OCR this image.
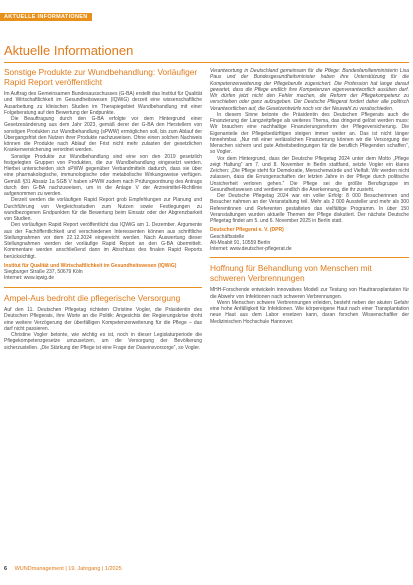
AKTUELLE INFORMATIONEN
Aktuelle Informationen
Sonstige Produkte zur Wundbehandlung: Vorläufiger Rapid Report veröffentlicht

Im Auftrag des Gemeinsamen Bundesausschusses (G-BA) erstellt das Institut für Qualität und Wirtschaftlichkeit im Gesundheitswesen (IQWiG) derzeit eine wissenschaftliche Ausarbeitung zu klinischen Studien im Therapiegebiet Wundbehandlung mit einer Folgeberatung auf den Bewertung der Endpunkte.

Die Beauftragung durch den G-BA erfolgte vor dem Hintergrund einer Gesetzesänderung aus dem Jahr 2023, gemäß derer der G-BA den Herstellern von sonstigen Produkten zur Wundbehandlung (sPWW) ermöglichen soll, bis zum Ablauf der Übergangsfrist den Nutzen ihrer Produkte nachzuweisen. Ohne einen solchen Nachweis können die Produkte nach Ablauf der Frist nicht mehr zulasten der gesetzlichen Krankenversicherung verordnet werden.

Sonstige Produkte zur Wundbehandlung sind eine von den 2019 gesetzlich festgelegten Gruppen von Produkten, die zur Wundbehandlung eingesetzt werden. Hierbei unterscheiden sich sPWW gegenüber Verbandmitteln dadurch, dass sie über eine pharmakologische, immunologische oder metabolische Wirkungsweise verfügen. Gemäß §31 Absatz 1a SGB V haben sPWW zudem nach Prüfungsordnung des Antrags durch den G-BA nachzuweisen, um in die Anlage V der Arzneimittel-Richtlinie aufgenommen zu werden.

Derzeit werden die vorläufigen Rapid Report grob Empfehlungen zur Planung und Durchführung von Vergleichsstudien zum Nutzen sowie Festlegungen zu wundbezogenen Endpunkten für die Bewertung beim Einsatz oder der Abgrenzbarkeit von Studien.

Den vorläufigen Rapid Report veröffentlicht das IQWiG am 1. Dezember. Argumente aus der Fachöffentlichkeit und verschiedenen Interessenten können aus schriftliche Stellungnahmen vor dem 22.12.2024 eingereicht werden. Nach Auswertung dieser Stellungnahmen werden der vorläufige Rapid Report an den G-BA übermittelt. Kommentare werden anschließend dann im Abschluss des finalen Rapid Reports berücksichtigt.

Institut für Qualität und Wirtschaftlichkeit im Gesundheitswesen (IQWiG)
Siegburger Straße 237, 50679 Köln
Internet: www.iqwig.de

Ampel-Aus bedroht die pflegerische Versorgung

Auf den 11. Deutschen Pflegetag richteten Christine Vogler, die Präsidentin des Deutschen Pflegerats, ihre Worte an die Politik: Angesichts der Regierungskrise droht eine weitere Verzögerung der überfälligen Kompetenzerweiterung für die Pflege – das darf nicht passieren.

Christine Vogler betonte, wie wichtig es ist, noch in dieser Legislaturperiode die Pflegekompetenzgesetze umzusetzen, um die Versorgung der Bevölkerung sicherzustellen. „Die Stärkung der Pflege ist eine Frage der Daseinsvorsorge“, so Vogler.

Verantwortung in Deutschland gemeinsam für die Pflege: Bundesfamilienministerin Lisa Paus und der Bundesgesundheitsminister haben ihre Unterstützung für die Kompetenzerweiterung der Pflegeberufe zugesichert. Die Profession hat lange darauf gewartet, dass die Pflege endlich ihre Kompetenzen eigenverantwortlich ausüben darf. Wir dürfen jetzt nicht den Fehler machen, die Reform der Pflegekompetenz zu verschieben oder ganz aufzugeben. Der Deutsche Pflegerat fordert daher alle politisch Verantwortlichen auf, die Gesetzentwürfe noch vor der Neuwahl zu verabschieden.

In diesem Sinne betonte die Präsidentin des Deutschen Pflegerats auch die Finanzierung der Langzeitpflege als weiteres Thema, das dringend gelöst werden muss: Wir brauchen eine nachhaltige Finanzierungsreform der Pflegeversicherung. Die Eigenanteile der Pflegebedürftigen steigen immer weiter an. Das ist nicht länger hinnehmbar. „Nur mit einer verlässlichen Finanzierung können wir die Versorgung der Menschen sichern und gute Arbeitsbedingungen für die beruflich Pflegenden schaffen“, so Vogler.

Vor dem Hintergrund, dass der Deutsche Pflegetag 2024 unter dem Motto „Pflege zeigt Haltung“ am 7. und 8. November in Berlin stattfand, setzte Vogler ein klares Zeichen: „Die Pflege steht für Demokratie, Menschenwürde und Vielfalt. Wir werden nicht zulassen, dass die Errungenschaften der letzten Jahre in der Pflege durch politische Unsicherheit verloren gehen.“ Die Pflege sei die größte Berufsgruppe im Gesundheitswesen und verdiene endlich die Anerkennung, die ihr zusteht.

Der Deutsche Pflegetag 2024 war ein voller Erfolg: 8 000 Besucherinnen und Besucher nahmen an der Veranstaltung teil. Mehr als 2 000 Aussteller und mehr als 300 Referentinnen und Referenten gestalteten das vielfältige Programm. In über 150 Veranstaltungen wurden aktuelle Themen der Pflege diskutiert. Der nächste Deutsche Pflegetag findet am 5. und 6. November 2025 in Berlin statt.

Deutscher Pflegerat e. V. (DPR)
Geschäftsstelle
Alt-Moabit 91, 10559 Berlin
Internet: www.deutscher-pflegerat.de

Hoffnung für Behandlung von Menschen mit schweren Verbrennungen

MHH-Forschende entwickeln innovatives Modell zur Testung von Hauttransplantaten für die Abwehr von Infektionen nach schweren Verbrennungen.

Wenn Menschen schwere Verbrennungen erleiden, besteht neben der akuten Gefahr eine hohe Anfälligkeit für Infektionen. Wie körpereigene Haut nach einer Transplantation neue Haut aus dem Labor ersetzen kann, daran forschen Wissenschaftler der Medizinischen Hochschule Hannover.

6 WUNDmanagement | 19. Jahrgang | 1/2025
